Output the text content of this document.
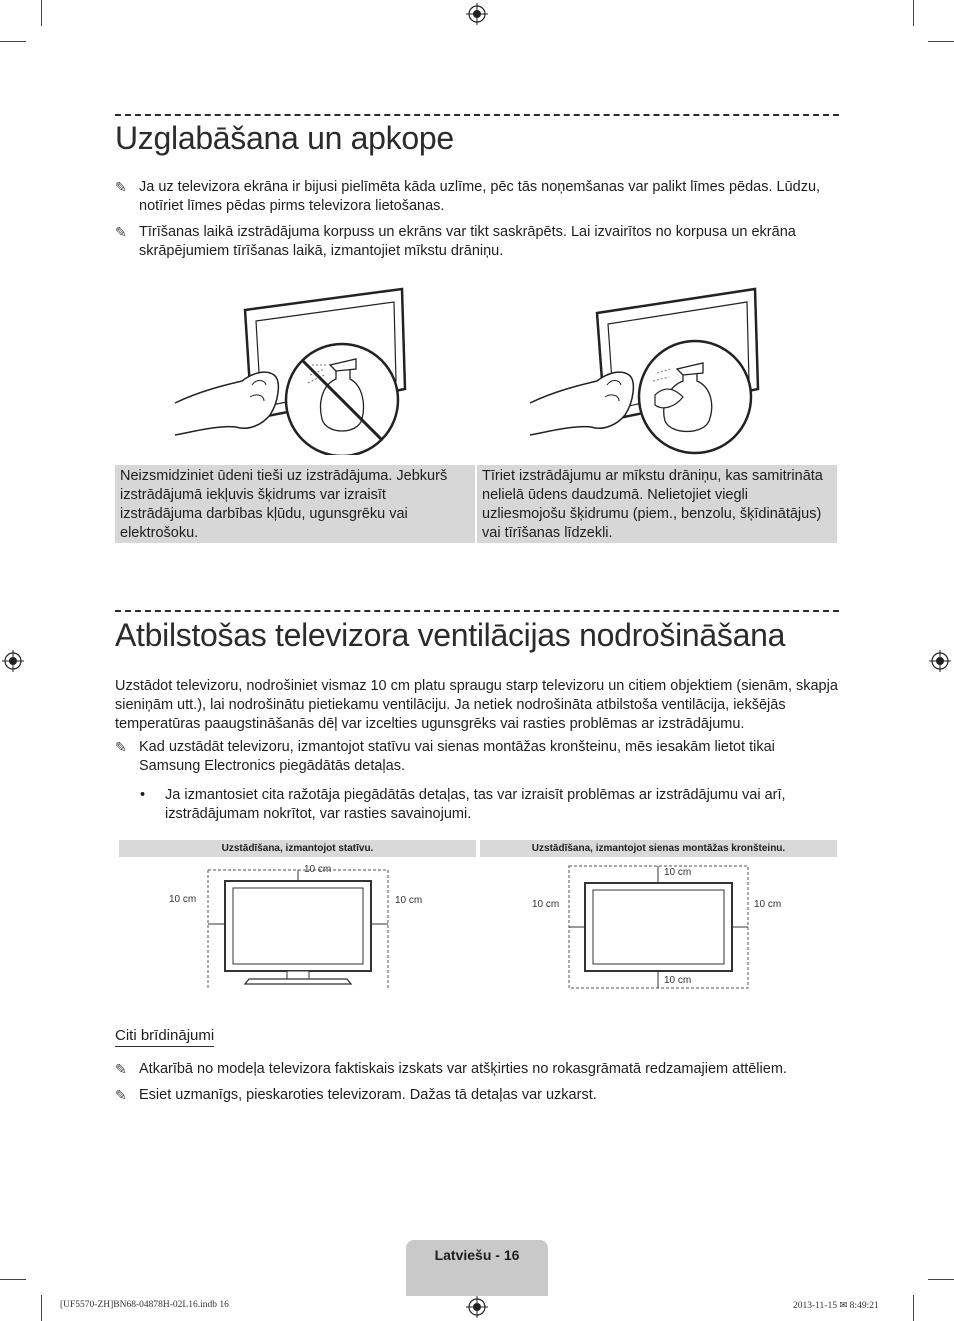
Uzglabāšana un apkope
✎ Ja uz televizora ekrāna ir bijusi pielīmēta kāda uzlīme, pēc tās noņemšanas var palikt līmes pēdas. Lūdzu, notīriet līmes pēdas pirms televizora lietošanas.
✎ Tīrīšanas laikā izstrādājuma korpuss un ekrāns var tikt saskrāpēts. Lai izvairītos no korpusa un ekrāna skrāpējumiem tīrīšanas laikā, izmantojiet mīkstu drāniņu.
Neizsmidziniet ūdeni tieši uz izstrādājuma. Jebkurš izstrādājumā iekļuvis šķidrums var izraisīt izstrādājuma darbības kļūdu, ugunsgrēku vai elektrošoku.
Tīriet izstrādājumu ar mīkstu drāniņu, kas samitrināta nelielā ūdens daudzumā. Nelietojiet viegli uzliesmojošu šķidrumu (piem., benzolu, šķīdinātājus) vai tīrīšanas līdzekli.
Atbilstošas televizora ventilācijas nodrošināšana
Uzstādot televizoru, nodrošiniet vismaz 10 cm platu spraugu starp televizoru un citiem objektiem (sienām, skapja sieniņām utt.), lai nodrošinātu pietiekamu ventilāciju. Ja netiek nodrošināta atbilstoša ventilācija, iekšējās temperatūras paaugstināšanās dēļ var izcelties ugunsgrēks vai rasties problēmas ar izstrādājumu.
✎ Kad uzstādāt televizoru, izmantojot statīvu vai sienas montāžas kronšteinu, mēs iesakām lietot tikai Samsung Electronics piegādātās detaļas.
• Ja izmantosiet cita ražotāja piegādātās detaļas, tas var izraisīt problēmas ar izstrādājumu vai arī, izstrādājumam nokrītot, var rasties savainojumi.
Uzstādīšana, izmantojot statīvu.	Uzstādīšana, izmantojot sienas montāžas kronšteinu.
10 cm
10 cm	10 cm
10 cm
10 cm	10 cm
10 cm
Citi brīdinājumi
✎ Atkarībā no modeļa televizora faktiskais izskats var atšķirties no rokasgrāmatā redzamajiem attēliem.
✎ Esiet uzmanīgs, pieskaroties televizoram. Dažas tā detaļas var uzkarst.
Latviešu - 16
[UF5570-ZH]BN68-04878H-02L16.indb 16	2013-11-15 ✉ 8:49:21
